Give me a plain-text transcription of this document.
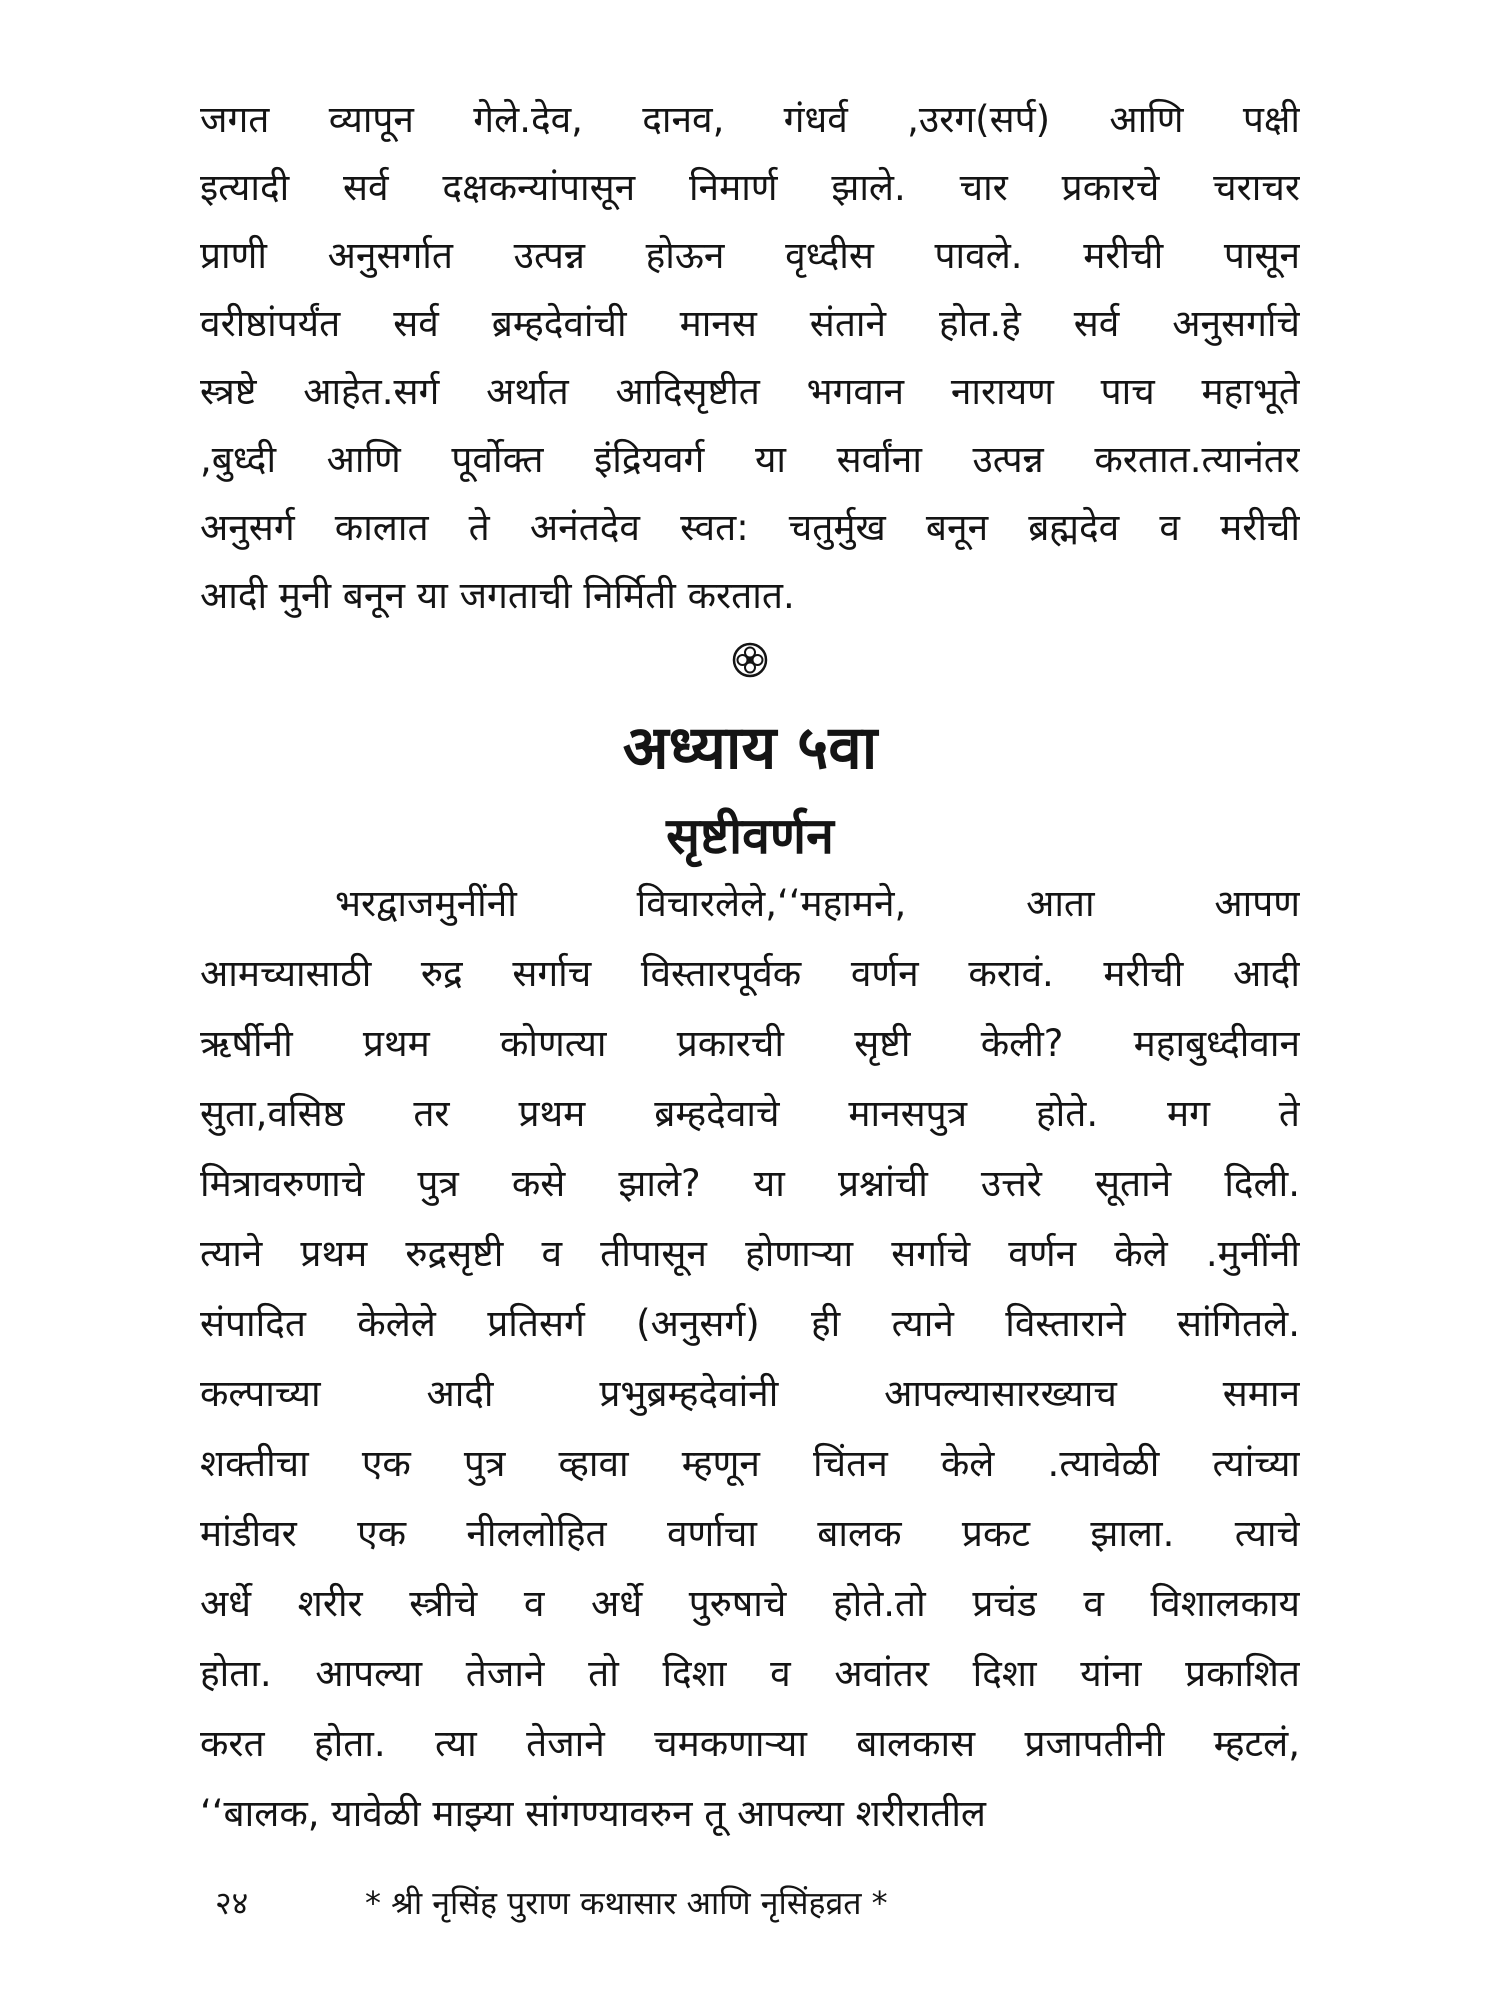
जगत व्यापून गेले.देव, दानव, गंधर्व ,उरग(सर्प) आणि पक्षी
इत्यादी सर्व दक्षकन्यांपासून निमार्ण झाले. चार प्रकारचे चराचर
प्राणी अनुसर्गात उत्पन्न होऊन वृध्दीस पावले. मरीची पासून
वरीष्ठांपर्यंत सर्व ब्रम्हदेवांची मानस संताने होत.हे सर्व अनुसर्गाचे
स्त्रष्टे आहेत.सर्ग अर्थात आदिसृष्टीत भगवान नारायण पाच महाभूते
,बुध्दी आणि पूर्वोक्त इंद्रियवर्ग या सर्वांना उत्पन्न करतात.त्यानंतर
अनुसर्ग कालात ते अनंतदेव स्वत: चतुर्मुख बनून ब्रह्मदेव व मरीची
आदी मुनी बनून या जगताची निर्मिती करतात.
अध्याय ५वा
सृष्टीवर्णन
भरद्वाजमुनींनी विचारलेले,‘‘महामने, आता आपण
आमच्यासाठी रुद्र सर्गाच विस्तारपूर्वक वर्णन करावं. मरीची आदी
ऋर्षीनी प्रथम कोणत्या प्रकारची सृष्टी केली? महाबुध्दीवान
सुता,वसिष्ठ तर प्रथम ब्रम्हदेवाचे मानसपुत्र होते. मग ते
मित्रावरुणाचे पुत्र कसे झाले? या प्रश्नांची उत्तरे सूताने दिली.
त्याने प्रथम रुद्रसृष्टी व तीपासून होणाऱ्या सर्गाचे वर्णन केले .मुनींनी
संपादित केलेले प्रतिसर्ग (अनुसर्ग) ही त्याने विस्ताराने सांगितले.
कल्पाच्या आदी प्रभुब्रम्हदेवांनी आपल्यासारख्याच समान
शक्तीचा एक पुत्र व्हावा म्हणून चिंतन केले .त्यावेळी त्यांच्या
मांडीवर एक नीललोहित वर्णाचा बालक प्रकट झाला. त्याचे
अर्धे शरीर स्त्रीचे व अर्धे पुरुषाचे होते.तो प्रचंड व विशालकाय
होता. आपल्या तेजाने तो दिशा व अवांतर दिशा यांना प्रकाशित
करत होता. त्या तेजाने चमकणाऱ्या बालकास प्रजापतीनी म्हटलं,
‘‘बालक, यावेळी माझ्या सांगण्यावरुन तू आपल्या शरीरातील
२४	* श्री नृसिंह पुराण कथासार आणि नृसिंहव्रत *
